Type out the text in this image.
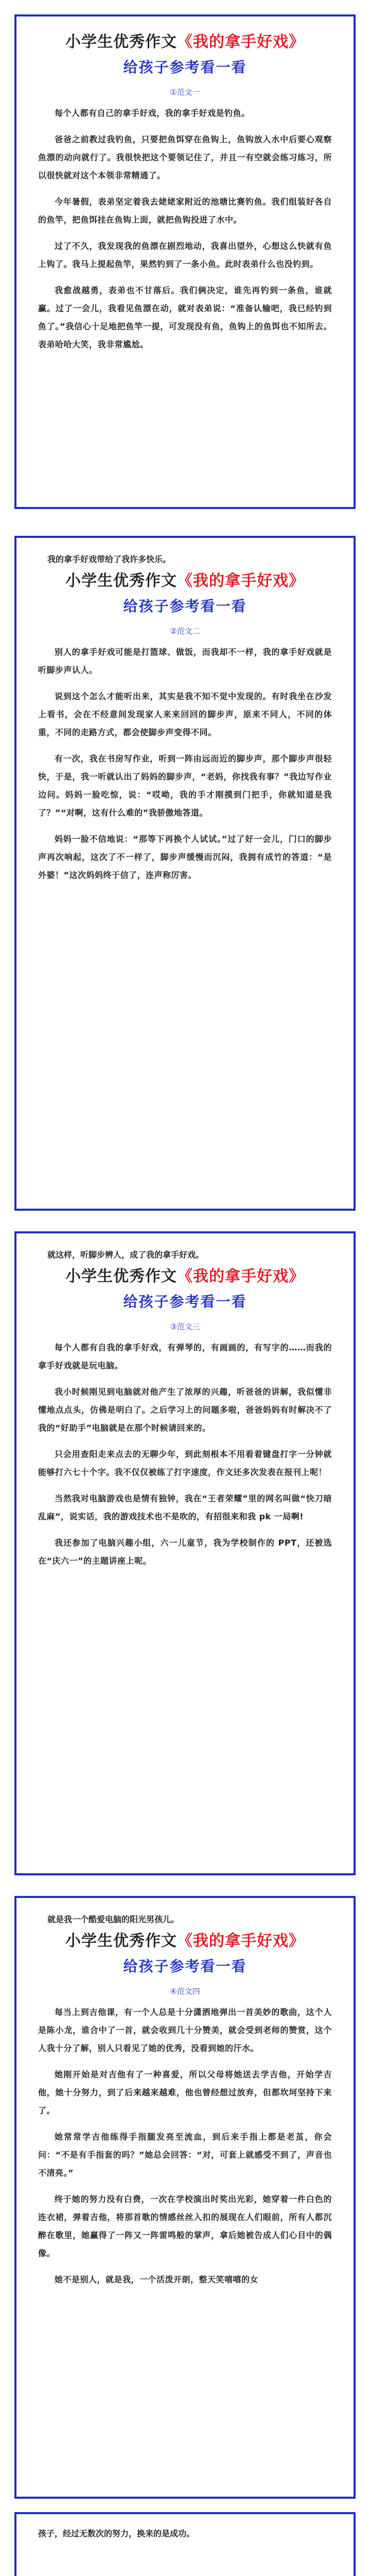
小学生优秀作文《我的拿手好戏》
给孩子参考看一看
①范文一

每个人都有自己的拿手好戏，我的拿手好戏是钓鱼。

爸爸之前教过我钓鱼，只要把鱼饵穿在鱼钩上，鱼钩放入水中后要心观察鱼漂的动向就行了。我很快把这个要领记住了，并且一有空就会练习练习，所以很快就对这个本领非常精通了。

今年暑假，表弟坚定着我去姥姥家附近的池塘比赛钓鱼。我们组装好各自的鱼竿，把鱼饵挂在鱼钩上面，就把鱼钩投进了水中。

过了不久，我发现我的鱼漂在剧烈地动，我喜出望外，心想这么快就有鱼上钩了。我马上提起鱼竿，果然钓到了一条小鱼。此时表弟什么也没钓到。

我愈战越勇，表弟也不甘落后。我们俩决定，谁先再钓到一条鱼，谁就赢。过了一会儿，我看见鱼漂在动，就对表弟说：“准备认输吧，我已经钓到鱼了。”我信心十足地把鱼竿一提，可发现没有鱼，鱼钩上的鱼饵也不知所去。表弟哈哈大笑，我非常尴尬。

我的拿手好戏带给了我许多快乐。

小学生优秀作文《我的拿手好戏》
给孩子参考看一看
②范文二

别人的拿手好戏可能是打篮球、做饭，而我却不一样，我的拿手好戏就是听脚步声认人。

说到这个怎么才能听出来，其实是我不知不觉中发现的。有时我坐在沙发上看书，会在不经意间发现家人来来回回的脚步声，原来不同人，不同的体重，不同的走路方式，都会使脚步声变得不同。

有一次，我在书房写作业，听到一阵由远而近的脚步声，那个脚步声很轻快，于是，我一听就认出了妈妈的脚步声，“老妈，你找我有事？”我边写作业边问。妈妈一脸吃惊，说：“哎呦，我的手才刚摸到门把手，你就知道是我了？”“对啊，这有什么难的”我骄傲地答道。

妈妈一脸不信地说：“那等下再换个人试试。”过了好一会儿，门口的脚步声再次响起，这次了不一样了，脚步声缓慢而沉闷，我拥有成竹的答道：“是外婆！”这次妈妈终于信了，连声称厉害。

就这样，听脚步辨人，成了我的拿手好戏。

小学生优秀作文《我的拿手好戏》
给孩子参考看一看
③范文三

每个人都有自我的拿手好戏，有弹琴的，有画画的，有写字的……而我的拿手好戏就是玩电脑。

我小时候刚见到电脑就对他产生了浓厚的兴趣，听爸爸的讲解，我似懂非懂地点点头，仿佛是明白了。之后学习上的问题多啦，爸爸妈妈有时解决不了我的“好助手”电脑就是在那个时候请回来的。

只会用查阳走来点去的无聊少年，到此刻根本不用看着键盘打字一分钟就能够打六七十个字。我不仅仅被练了打字速度，作文还多次发表在报刊上呢！

当然我对电脑游戏也是情有独钟，我在“王者荣耀”里的网名叫做“快刀暗乱麻”，说实话，我的游戏技术也不是吹的，有招很来和我 pk 一局啊!

我还参加了电脑兴趣小组，六一儿童节，我为学校制作的 PPT，还被选在“庆六一”的主题讲座上呢。

就是我一个酷爱电脑的阳光男孩儿。

小学生优秀作文《我的拿手好戏》
给孩子参考看一看
④范文四

每当上到吉他课，有一个人总是十分潇洒地弹出一首美妙的歌曲，这个人是陈小龙，谁合中了一首，就会收到几十分赞美，就会受到老师的赞赏，这个人我十分了解，别人只看见了她的优秀，没看到她的汗水。

她刚开始是对吉他有了一种喜爱，所以父母将她送去学吉他，开始学吉他，她十分努力，到了后来越来越难，他也曾经想过放弃，但都坎坷坚持下来了。

她常常学吉他练得手指腿发亮至流血，到后来手指上都是老茧，你会问：“不是有手指套的吗？”她总会回答：“对，可套上就感受不到了，声音也不清亮。”

终于她的努力没有白费，一次在学校演出时奖出光彩，她穿着一件白色的连衣裙，弹着吉他，将那首歌的情感丝丝入扣的展现在人们眼前，所有人都沉醉在歌里，她赢得了一阵又一阵雷鸣般的掌声，拿后她被告成人们心目中的偶像。

她不是别人，就是我，一个活泼开朗，整天笑嘻嘻的女

孩子，经过无数次的努力，换来的是成功。
